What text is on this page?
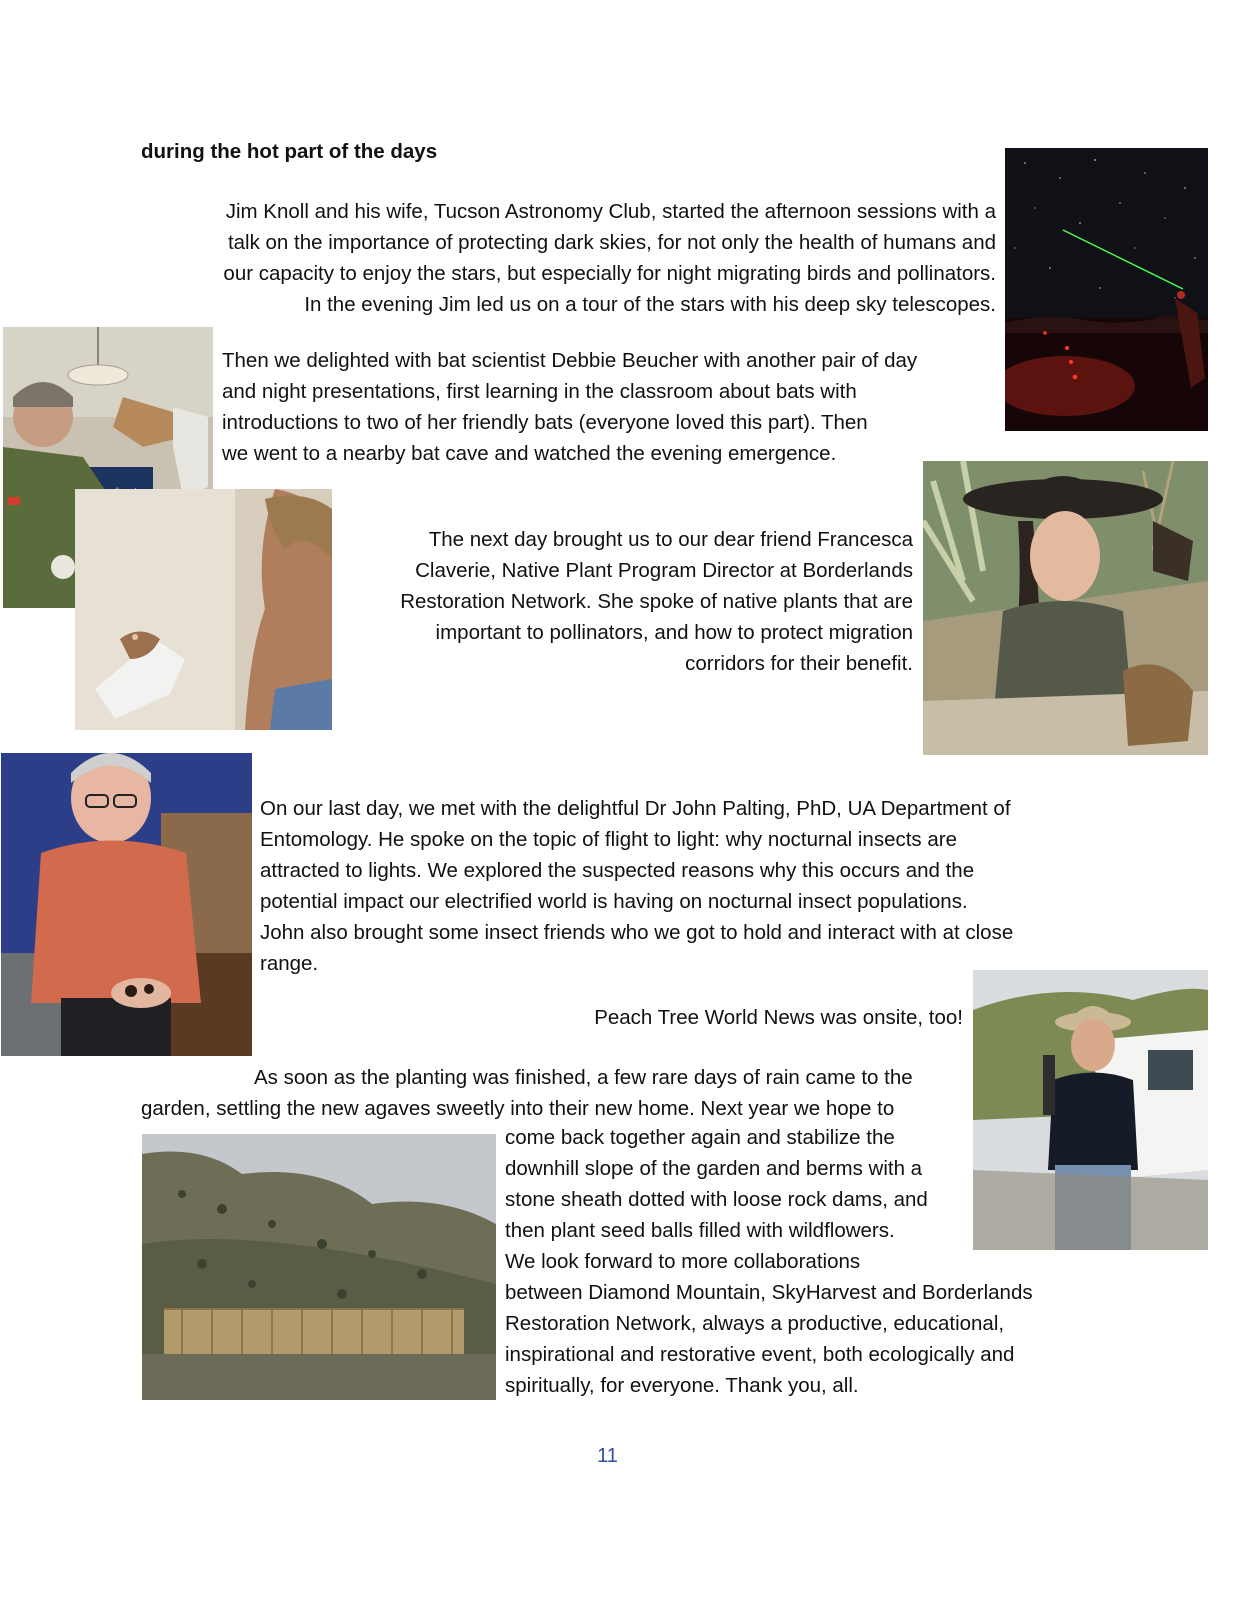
during the hot part of the days

Jim Knoll and his wife, Tucson Astronomy Club, started the afternoon sessions with a
talk on the importance of protecting dark skies, for not only the health of humans and
our capacity to enjoy the stars, but especially for night migrating birds and pollinators.
In the evening Jim led us on a tour of the stars with his deep sky telescopes.
Then we delighted with bat scientist Debbie Beucher with another pair of day
and night presentations, first learning in the classroom about bats with
introductions to two of her friendly bats (everyone loved this part). Then
we went to a nearby bat cave and watched the evening emergence.
The next day brought us to our dear friend Francesca
Claverie, Native Plant Program Director at Borderlands
Restoration Network. She spoke of native plants that are
important to pollinators, and how to protect migration
corridors for their benefit.
On our last day, we met with the delightful Dr John Palting, PhD, UA Department of
Entomology. He spoke on the topic of flight to light: why nocturnal insects are
attracted to lights. We explored the suspected reasons why this occurs and the
potential impact our electrified world is having on nocturnal insect populations.
John also brought some insect friends who we got to hold and interact with at close
range.
Peach Tree World News was onsite, too!
As soon as the planting was finished, a few rare days of rain came to the
garden, settling the new agaves sweetly into their new home. Next year we hope to
come back together again and stabilize the
downhill slope of the garden and berms with a
stone sheath dotted with loose rock dams, and
then plant seed balls filled with wildflowers.
We look forward to more collaborations
between Diamond Mountain, SkyHarvest and Borderlands
Restoration Network, always a productive, educational,
inspirational and restorative event, both ecologically and
spiritually, for everyone. Thank you, all.
11
